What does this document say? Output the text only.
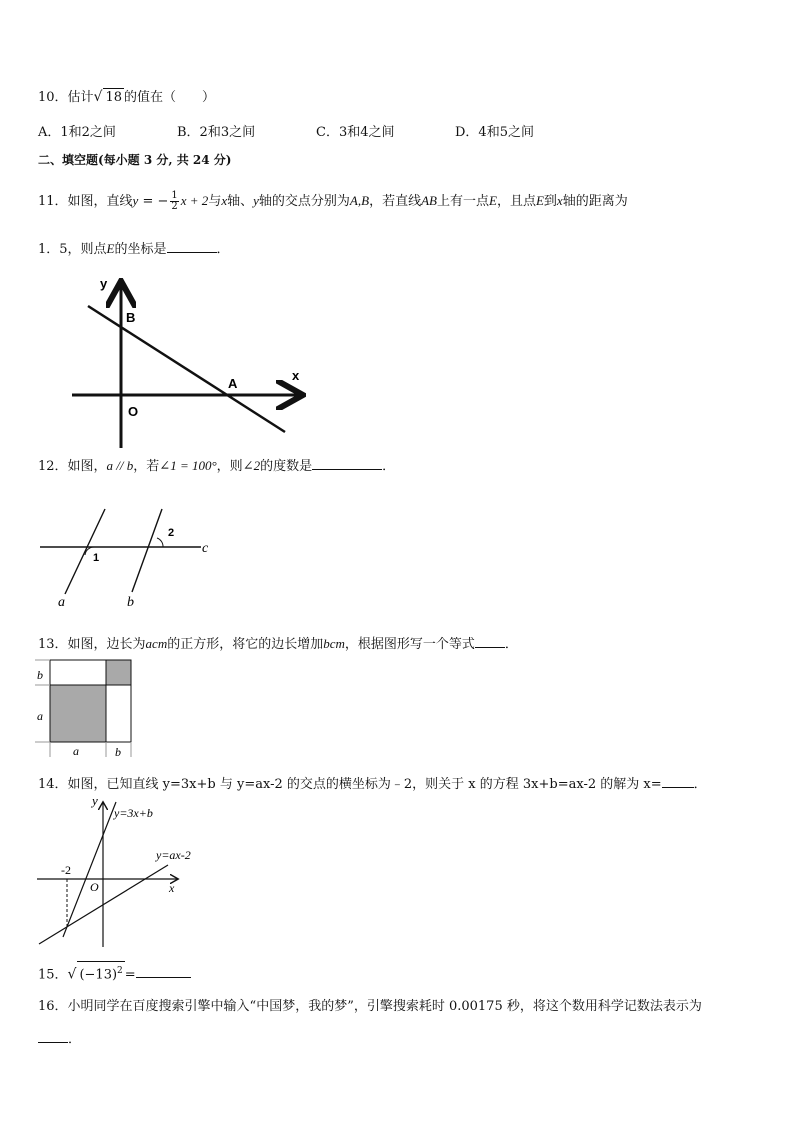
10．估计√ 18 的值在（　　）
A．1和2之间	B．2和3之间	C．3和4之间	D．4和5之间
二、填空题(每小题 3 分, 共 24 分)
11．如图，直线y = − $\frac{1}{2}$ x + 2与x轴、y轴的交点分别为A,B，若直线AB上有一点E，且点E到x轴的距离为
1．5，则点E的坐标是	．
y
x
B
A
O
12．如图，a // b，若∠1 = 100°，则∠2的度数是	．
1
2
c
a	b
13．如图，边长为acm的正方形，将它的边长增加bcm，根据图形写一个等式 ．
b
a
a	b
14．如图，已知直线 y=3x+b 与 y=ax-2 的交点的横坐标为﹣2，则关于 x 的方程 3x+b=ax-2 的解为 x= ．
y
y=3x+b
y=ax-2
-2
O	x
15．√ $(-13)^2$ =
16．小明同学在百度搜索引擎中输入“中国梦，我的梦”，引擎搜索耗时 0.00175 秒，将这个数用科学记数法表示为
．
